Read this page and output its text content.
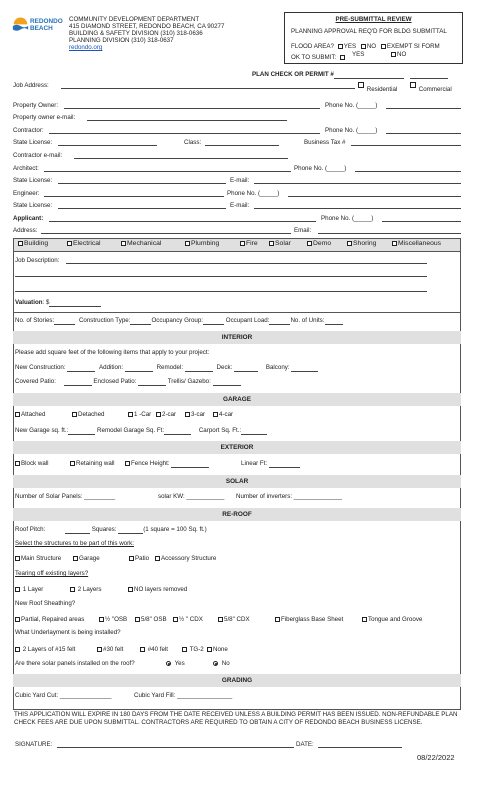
REDONDO
BEACH
COMMUNITY DEVELOPMENT DEPARTMENT
415 DIAMOND STREET, REDONDO BEACH, CA 90277
BUILDING & SAFETY DIVISION (310) 318-0636
PLANNING DIVISION (310) 318-0637
redondo.org
PRE-SUBMITTAL REVIEW
PLANNING APPROVAL REQ'D FOR BLDG SUBMITTAL
FLOOD AREA? YES NO EXEMPT SI FORM
OK TO SUBMIT:	YES	NO
PLAN CHECK OR PERMIT #
Job Address:
Residential	Commercial
Property Owner:	Phone No. (_____)
Property owner e-mail:
Contractor:	Phone No. (_____)
State License:	Class:	Business Tax #
Contractor e-mail:
Architect:	Phone No. (_____)
State License:	E-mail:
Engineer:	Phone No. (_____)
State License:	E-mail:
Applicant:	Phone No. (_____)
Address:	Email:
Building	Electrical	Mechanical	Plumbing	Fire	Solar	Demo	Shoring	Miscellaneous
Job Description:
Valuation: $
No. of Stories:	Construction Type:	Occupancy Group:	Occupant Load:	No. of Units:
INTERIOR
Please add square feet of the following items that apply to your project:
New Construction:	Addition:	Remodel:	Deck:	Balcony:
Covered Patio:	Enclosed Patio:	Trellis/ Gazebo:
GARAGE
Attached	Detached	1 -Car	2-car	3-car	4-car
New Garage sq. ft.:	Remodel Garage Sq. Ft:	Carport Sq. Ft.:
EXTERIOR
Block wall	Retaining wall	Fence Height:	Linear Ft:
SOLAR
Number of Solar Panels: _________	solar KW: ___________ Number of inverters: ______________
RE-ROOF
Roof Pitch:	Squares:	(1 square = 100 Sq. ft.)
Select the structures to be part of this work:
Main Structure	Garage	Patio	Accessory Structure
Tearing off existing layers?
1 Layer	2 Layers	NO layers removed
New Roof Sheathing?
Partial, Repaired areas	½ "OSB	5/8" OSB	½ " CDX	5/8" CDX	Fiberglass Base Sheet	Tongue and Groove
What Underlayment is being installed?
2 Layers of #15 felt	#30 felt	#40 felt	TG-2	None
Are there solar panels installed on the roof?	Yes	No
GRADING
Cubic Yard Cut: _______________	Cubic Yard Fill: ________________
THIS APPLICATION WILL EXPIRE IN 180 DAYS FROM THE DATE RECEIVED UNLESS A BUILDING PERMIT HAS BEEN ISSUED. NON-REFUNDABLE PLAN CHECK FEES ARE DUE UPON SUBMITTAL. CONTRACTORS ARE REQUIRED TO OBTAIN A CITY OF REDONDO BEACH BUSINESS LICENSE.
SIGNATURE:	DATE:
08/22/2022
